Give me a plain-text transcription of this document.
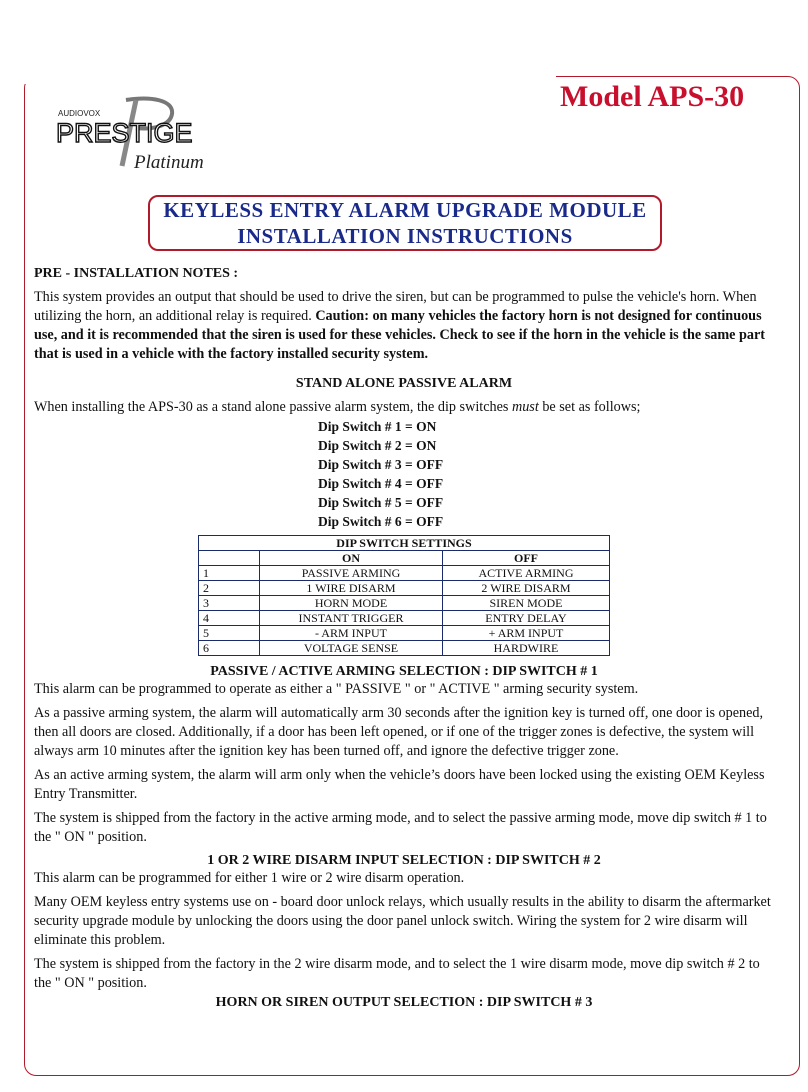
Model APS-30
AUDIOVOX
PRESTIGE
Platinum
KEYLESS ENTRY ALARM UPGRADE MODULE
INSTALLATION INSTRUCTIONS
PRE - INSTALLATION NOTES :

This system provides an output that should be used to drive the siren, but can be programmed to pulse the vehicle's horn. When utilizing the horn, an additional relay is required. Caution: on many vehicles the factory horn is not designed for continuous use, and it is recommended that the siren is used for these vehicles. Check to see if the horn in the vehicle is the same part that is used in a vehicle with the factory installed security system.

STAND ALONE PASSIVE ALARM

When installing the APS-30 as a stand alone passive alarm system, the dip switches must be set as follows;

Dip Switch # 1 = ON
Dip Switch # 2 = ON
Dip Switch # 3 = OFF
Dip Switch # 4 = OFF
Dip Switch # 5 = OFF
Dip Switch # 6 = OFF
DIP SWITCH SETTINGS		
	ON	OFF
1	PASSIVE ARMING	ACTIVE ARMING
2	1 WIRE DISARM	2 WIRE DISARM
3	HORN MODE	SIREN MODE
4	INSTANT TRIGGER	ENTRY DELAY
5	- ARM INPUT	+ ARM INPUT
6	VOLTAGE SENSE	HARDWIRE
PASSIVE / ACTIVE ARMING SELECTION : DIP SWITCH # 1

This alarm can be programmed to operate as either a " PASSIVE " or " ACTIVE " arming security system.

As a passive arming system, the alarm will automatically arm 30 seconds after the ignition key is turned off, one door is opened, then all doors are closed. Additionally, if a door has been left opened, or if one of the trigger zones is defective, the system will always arm 10 minutes after the ignition key has been turned off, and ignore the defective trigger zone.

As an active arming system, the alarm will arm only when the vehicle’s doors have been locked using the existing OEM Keyless Entry Transmitter.

The system is shipped from the factory in the active arming mode, and to select the passive arming mode, move dip switch # 1 to the " ON " position.

1 OR 2 WIRE DISARM INPUT SELECTION : DIP SWITCH # 2

This alarm can be programmed for either 1 wire or 2 wire disarm operation.

Many OEM keyless entry systems use on - board door unlock relays, which usually results in the ability to disarm the aftermarket security upgrade module by unlocking the doors using the door panel unlock switch. Wiring the system for 2 wire disarm will eliminate this problem.

The system is shipped from the factory in the 2 wire disarm mode, and to select the 1 wire disarm mode, move dip switch # 2 to the " ON " position.

HORN OR SIREN OUTPUT SELECTION : DIP SWITCH # 3
